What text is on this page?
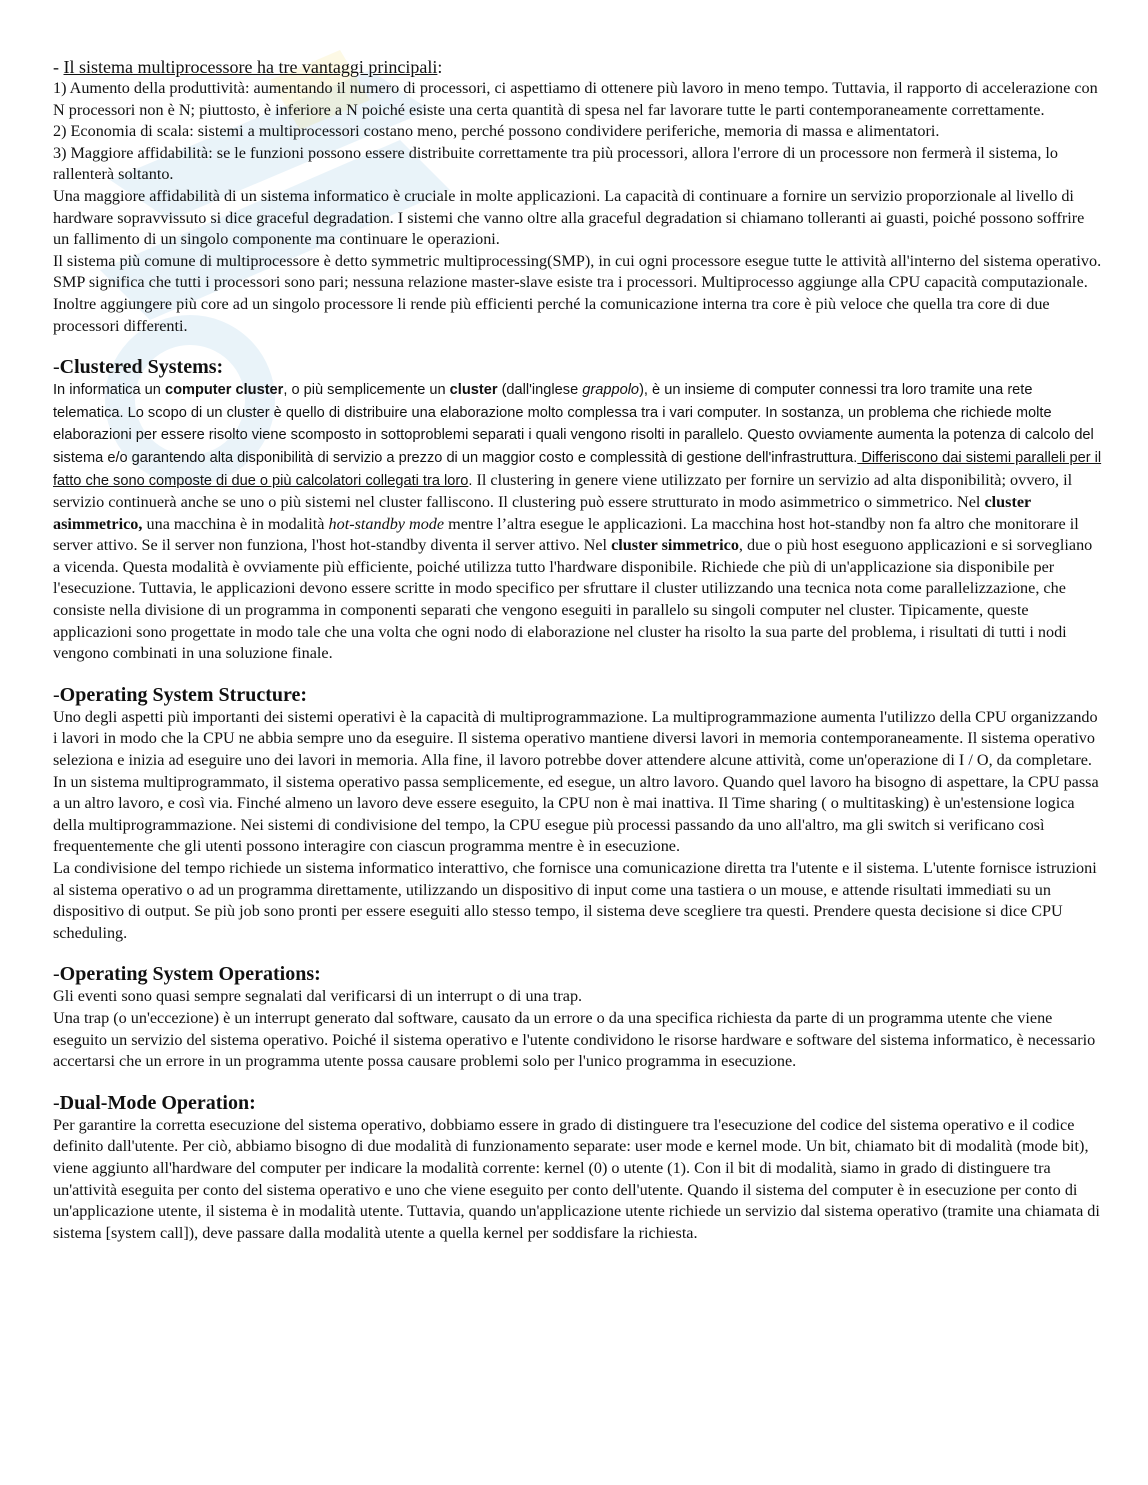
- Il sistema multiprocessore ha tre vantaggi principali:

1) Aumento della produttività: aumentando il numero di processori, ci aspettiamo di ottenere più lavoro in meno tempo. Tuttavia, il rapporto di accelerazione con N processori non è N; piuttosto, è inferiore a N poiché esiste una certa quantità di spesa nel far lavorare tutte le parti contemporaneamente correttamente.

2) Economia di scala: sistemi a multiprocessori costano meno, perché possono condividere periferiche, memoria di massa e alimentatori.

3) Maggiore affidabilità: se le funzioni possono essere distribuite correttamente tra più processori, allora l'errore di un processore non fermerà il sistema, lo rallenterà soltanto.

Una maggiore affidabilità di un sistema informatico è cruciale in molte applicazioni. La capacità di continuare a fornire un servizio proporzionale al livello di hardware sopravvissuto si dice graceful degradation. I sistemi che vanno oltre alla graceful degradation si chiamano tolleranti ai guasti, poiché possono soffrire un fallimento di un singolo componente ma continuare le operazioni.

Il sistema più comune di multiprocessore è detto symmetric multiprocessing(SMP), in cui ogni processore esegue tutte le attività all'interno del sistema operativo. SMP significa che tutti i processori sono pari; nessuna relazione master-slave esiste tra i processori. Multiprocesso aggiunge alla CPU capacità computazionale. Inoltre aggiungere più core ad un singolo processore li rende più efficienti perché la comunicazione interna tra core è più veloce che quella tra core di due processori differenti.

-Clustered Systems:

In informatica un computer cluster, o più semplicemente un cluster (dall'inglese grappolo), è un insieme di computer connessi tra loro tramite una rete telematica. Lo scopo di un cluster è quello di distribuire una elaborazione molto complessa tra i vari computer. In sostanza, un problema che richiede molte elaborazioni per essere risolto viene scomposto in sottoproblemi separati i quali vengono risolti in parallelo. Questo ovviamente aumenta la potenza di calcolo del sistema e/o garantendo alta disponibilità di servizio a prezzo di un maggior costo e complessità di gestione dell'infrastruttura. Differiscono dai sistemi paralleli per il fatto che sono composte di due o più calcolatori collegati tra loro. Il clustering in genere viene utilizzato per fornire un servizio ad alta disponibilità; ovvero, il servizio continuerà anche se uno o più sistemi nel cluster falliscono. Il clustering può essere strutturato in modo asimmetrico o simmetrico. Nel cluster asimmetrico, una macchina è in modalità hot-standby mode mentre l’altra esegue le applicazioni. La macchina host hot-standby non fa altro che monitorare il server attivo. Se il server non funziona, l'host hot-standby diventa il server attivo. Nel cluster simmetrico, due o più host eseguono applicazioni e si sorvegliano a vicenda. Questa modalità è ovviamente più efficiente, poiché utilizza tutto l'hardware disponibile. Richiede che più di un'applicazione sia disponibile per l'esecuzione. Tuttavia, le applicazioni devono essere scritte in modo specifico per sfruttare il cluster utilizzando una tecnica nota come parallelizzazione, che consiste nella divisione di un programma in componenti separati che vengono eseguiti in parallelo su singoli computer nel cluster. Tipicamente, queste applicazioni sono progettate in modo tale che una volta che ogni nodo di elaborazione nel cluster ha risolto la sua parte del problema, i risultati di tutti i nodi vengono combinati in una soluzione finale.

-Operating System Structure:

Uno degli aspetti più importanti dei sistemi operativi è la capacità di multiprogrammazione. La multiprogrammazione aumenta l'utilizzo della CPU organizzando i lavori in modo che la CPU ne abbia sempre uno da eseguire. Il sistema operativo mantiene diversi lavori in memoria contemporaneamente. Il sistema operativo seleziona e inizia ad eseguire uno dei lavori in memoria. Alla fine, il lavoro potrebbe dover attendere alcune attività, come un'operazione di I / O, da completare. In un sistema multiprogrammato, il sistema operativo passa semplicemente, ed esegue, un altro lavoro. Quando quel lavoro ha bisogno di aspettare, la CPU passa a un altro lavoro, e così via. Finché almeno un lavoro deve essere eseguito, la CPU non è mai inattiva. Il Time sharing ( o multitasking) è un'estensione logica della multiprogrammazione. Nei sistemi di condivisione del tempo, la CPU esegue più processi passando da uno all'altro, ma gli switch si verificano così frequentemente che gli utenti possono interagire con ciascun programma mentre è in esecuzione.

La condivisione del tempo richiede un sistema informatico interattivo, che fornisce una comunicazione diretta tra l'utente e il sistema. L'utente fornisce istruzioni al sistema operativo o ad un programma direttamente, utilizzando un dispositivo di input come una tastiera o un mouse, e attende risultati immediati su un dispositivo di output. Se più job sono pronti per essere eseguiti allo stesso tempo, il sistema deve scegliere tra questi. Prendere questa decisione si dice CPU scheduling.

-Operating System Operations:

Gli eventi sono quasi sempre segnalati dal verificarsi di un interrupt o di una trap.

Una trap (o un'eccezione) è un interrupt generato dal software, causato da un errore o da una specifica richiesta da parte di un programma utente che viene eseguito un servizio del sistema operativo. Poiché il sistema operativo e l'utente condividono le risorse hardware e software del sistema informatico, è necessario accertarsi che un errore in un programma utente possa causare problemi solo per l'unico programma in esecuzione.

-Dual-Mode Operation:

Per garantire la corretta esecuzione del sistema operativo, dobbiamo essere in grado di distinguere tra l'esecuzione del codice del sistema operativo e il codice definito dall'utente. Per ciò, abbiamo bisogno di due modalità di funzionamento separate: user mode e kernel mode. Un bit, chiamato bit di modalità (mode bit), viene aggiunto all'hardware del computer per indicare la modalità corrente: kernel (0) o utente (1). Con il bit di modalità, siamo in grado di distinguere tra un'attività eseguita per conto del sistema operativo e uno che viene eseguito per conto dell'utente. Quando il sistema del computer è in esecuzione per conto di un'applicazione utente, il sistema è in modalità utente. Tuttavia, quando un'applicazione utente richiede un servizio dal sistema operativo (tramite una chiamata di sistema [system call]), deve passare dalla modalità utente a quella kernel per soddisfare la richiesta.
